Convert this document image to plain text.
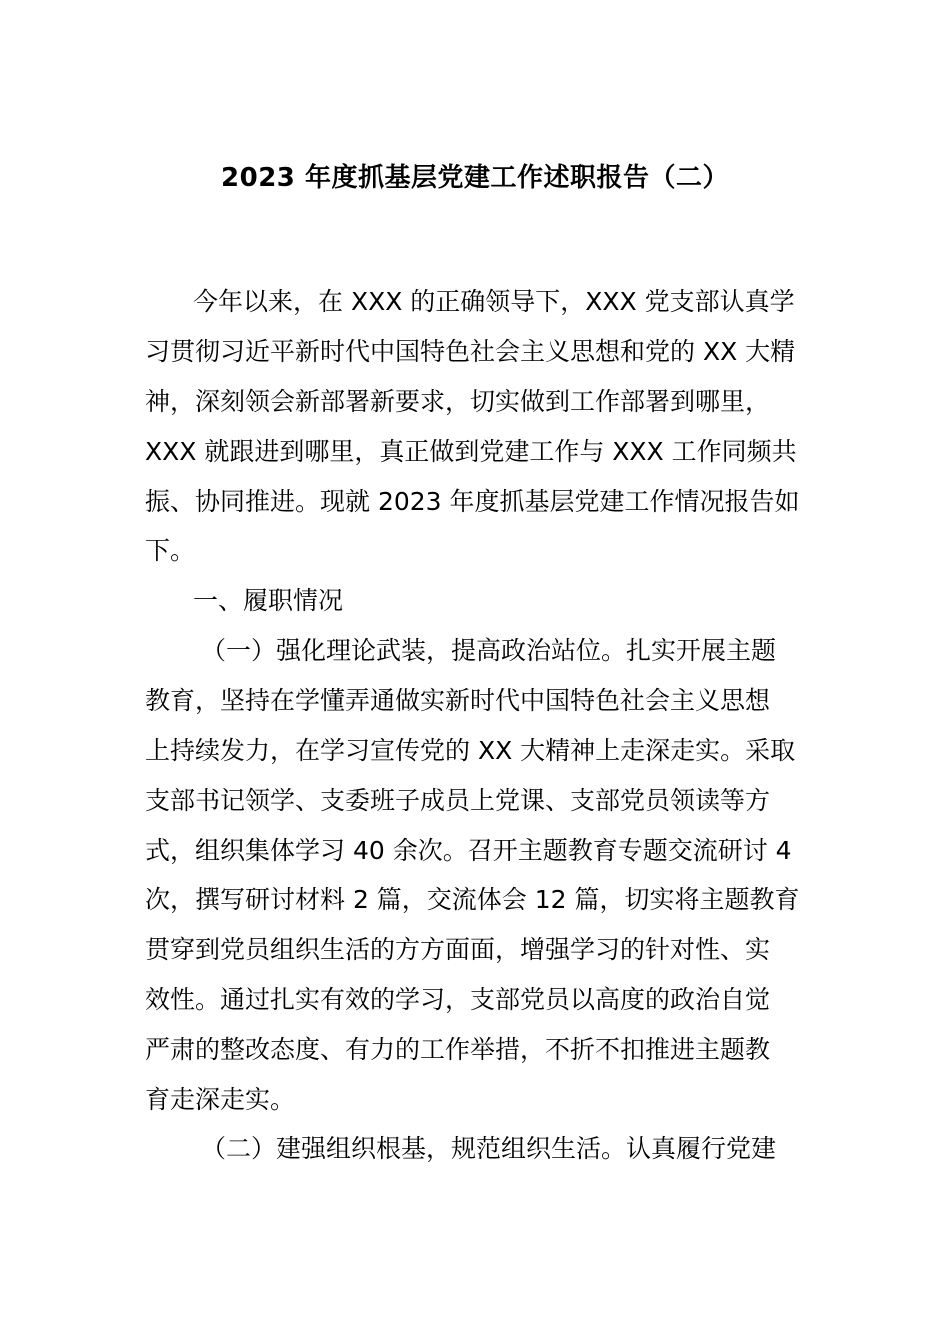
2023 年度抓基层党建工作述职报告（二）
今年以来，在 XXX 的正确领导下，XXX 党支部认真学
习贯彻习近平新时代中国特色社会主义思想和党的 XX 大精
神，深刻领会新部署新要求，切实做到工作部署到哪里，
XXX 就跟进到哪里，真正做到党建工作与 XXX 工作同频共
振、协同推进。现就 2023 年度抓基层党建工作情况报告如
下。
一、履职情况
（一）强化理论武装，提高政治站位。扎实开展主题
教育，坚持在学懂弄通做实新时代中国特色社会主义思想
上持续发力，在学习宣传党的 XX 大精神上走深走实。采取
支部书记领学、支委班子成员上党课、支部党员领读等方
式，组织集体学习 40 余次。召开主题教育专题交流研讨 4
次，撰写研讨材料 2 篇，交流体会 12 篇，切实将主题教育
贯穿到党员组织生活的方方面面，增强学习的针对性、实
效性。通过扎实有效的学习，支部党员以高度的政治自觉
严肃的整改态度、有力的工作举措，不折不扣推进主题教
育走深走实。
（二）建强组织根基，规范组织生活。认真履行党建
